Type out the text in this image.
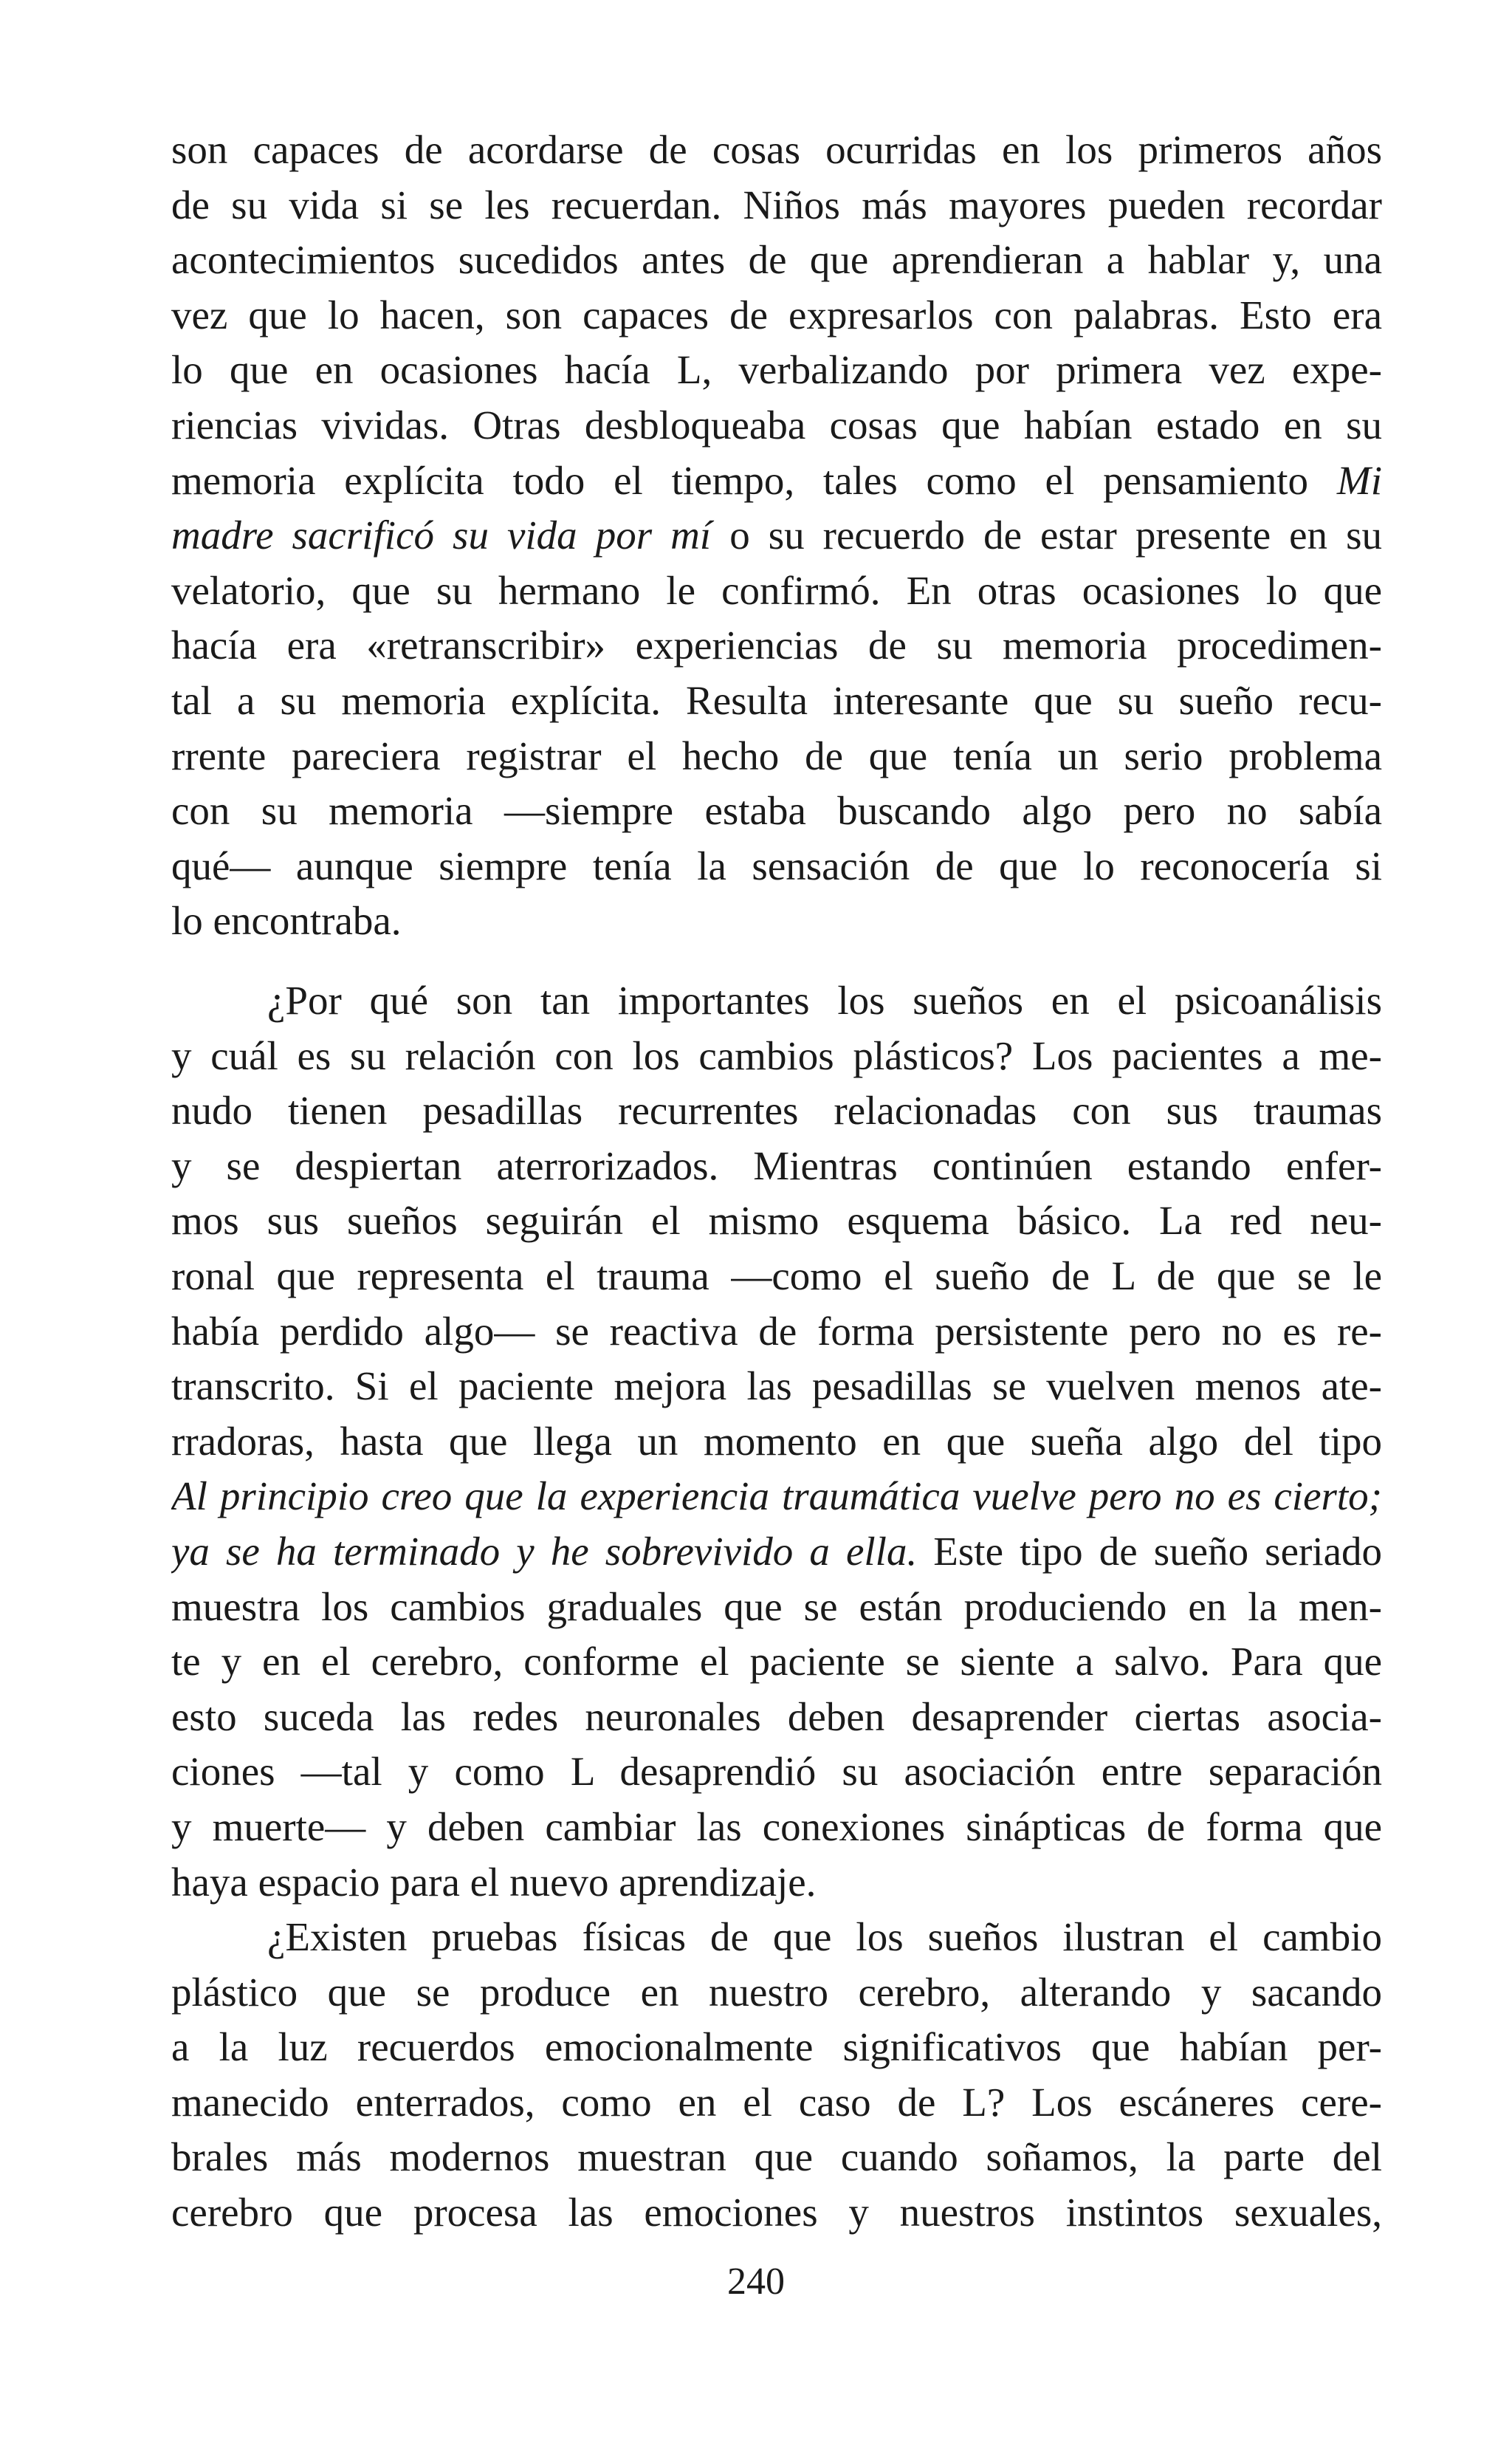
son capaces de acordarse de cosas ocurridas en los primeros años
de su vida si se les recuerdan. Niños más mayores pueden recordar
acontecimientos sucedidos antes de que aprendieran a hablar y, una
vez que lo hacen, son capaces de expresarlos con palabras. Esto era
lo que en ocasiones hacía L, verbalizando por primera vez expe-
riencias vividas. Otras desbloqueaba cosas que habían estado en su
memoria explícita todo el tiempo, tales como el pensamiento Mi
madre sacrificó su vida por mí o su recuerdo de estar presente en su
velatorio, que su hermano le confirmó. En otras ocasiones lo que
hacía era «retranscribir» experiencias de su memoria procedimen-
tal a su memoria explícita. Resulta interesante que su sueño recu-
rrente pareciera registrar el hecho de que tenía un serio problema
con su memoria —siempre estaba buscando algo pero no sabía
qué— aunque siempre tenía la sensación de que lo reconocería si
lo encontraba.
¿Por qué son tan importantes los sueños en el psicoanálisis
y cuál es su relación con los cambios plásticos? Los pacientes a me-
nudo tienen pesadillas recurrentes relacionadas con sus traumas
y se despiertan aterrorizados. Mientras continúen estando enfer-
mos sus sueños seguirán el mismo esquema básico. La red neu-
ronal que representa el trauma —como el sueño de L de que se le
había perdido algo— se reactiva de forma persistente pero no es re-
transcrito. Si el paciente mejora las pesadillas se vuelven menos ate-
rradoras, hasta que llega un momento en que sueña algo del tipo
Al principio creo que la experiencia traumática vuelve pero no es cierto;
ya se ha terminado y he sobrevivido a ella. Este tipo de sueño seriado
muestra los cambios graduales que se están produciendo en la men-
te y en el cerebro, conforme el paciente se siente a salvo. Para que
esto suceda las redes neuronales deben desaprender ciertas asocia-
ciones —tal y como L desaprendió su asociación entre separación
y muerte— y deben cambiar las conexiones sinápticas de forma que
haya espacio para el nuevo aprendizaje.
¿Existen pruebas físicas de que los sueños ilustran el cambio
plástico que se produce en nuestro cerebro, alterando y sacando
a la luz recuerdos emocionalmente significativos que habían per-
manecido enterrados, como en el caso de L? Los escáneres cere-
brales más modernos muestran que cuando soñamos, la parte del
cerebro que procesa las emociones y nuestros instintos sexuales,
240
